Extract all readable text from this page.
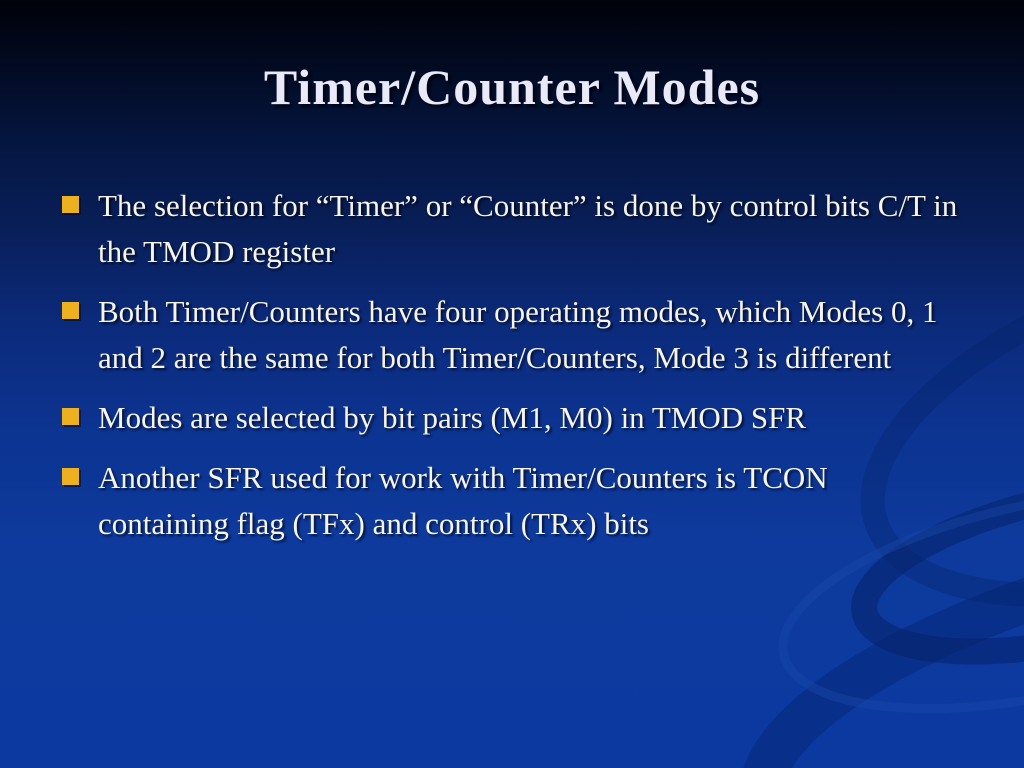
Timer/Counter Modes
The selection for “Timer” or “Counter” is done by control bits C/T in the TMOD register
Both Timer/Counters have four operating modes, which Modes 0, 1 and 2 are the same for both Timer/Counters, Mode 3 is different
Modes are selected by bit pairs (M1, M0) in TMOD SFR
Another SFR used for work with Timer/Counters is TCON containing flag (TFx) and control (TRx) bits
